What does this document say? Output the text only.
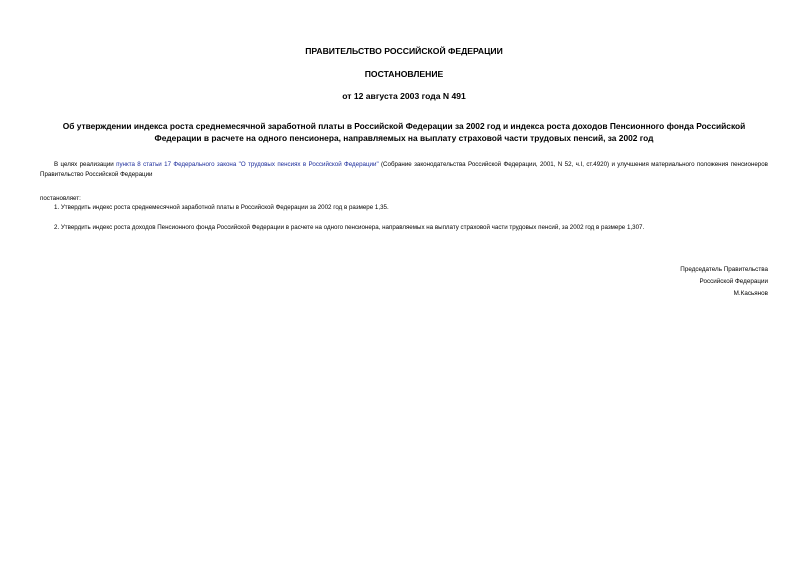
ПРАВИТЕЛЬСТВО РОССИЙСКОЙ ФЕДЕРАЦИИ
ПОСТАНОВЛЕНИЕ
от 12 августа 2003 года N 491
Об утверждении индекса роста среднемесячной заработной платы в Российской Федерации за 2002 год и индекса роста доходов Пенсионного фонда Российской Федерации в расчете на одного пенсионера, направляемых на выплату страховой части трудовых пенсий, за 2002 год
В целях реализации пункта 8 статьи 17 Федерального закона "О трудовых пенсиях в Российской Федерации" (Собрание законодательства Российской Федерации, 2001, N 52, ч.I, ст.4920) и улучшения материального положения пенсионеров Правительство Российской Федерации
постановляет:
1. Утвердить индекс роста среднемесячной заработной платы в Российской Федерации за 2002 год в размере 1,35.
2. Утвердить индекс роста доходов Пенсионного фонда Российской Федерации в расчете на одного пенсионера, направляемых на выплату страховой части трудовых пенсий, за 2002 год в размере 1,307.
Председатель Правительства
Российской Федерации
М.Касьянов
